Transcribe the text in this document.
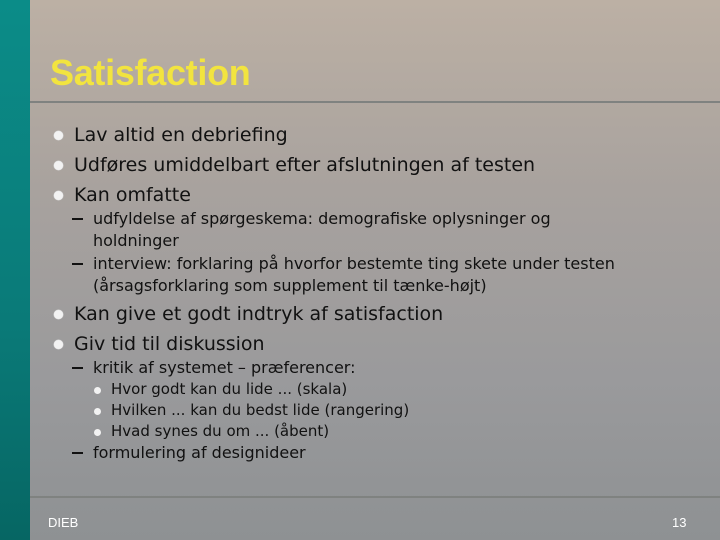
Satisfaction
Lav altid en debriefing
Udføres umiddelbart efter afslutningen af testen
Kan omfatte
udfyldelse af spørgeskema: demografiske oplysninger og
holdninger
interview: forklaring på hvorfor bestemte ting skete under testen
(årsagsforklaring som supplement til tænke-højt)
Kan give et godt indtryk af satisfaction
Giv tid til diskussion
kritik af systemet – præferencer:
Hvor godt kan du lide ... (skala)
Hvilken ... kan du bedst lide (rangering)
Hvad synes du om ... (åbent)
formulering af designideer
DIEB	13
